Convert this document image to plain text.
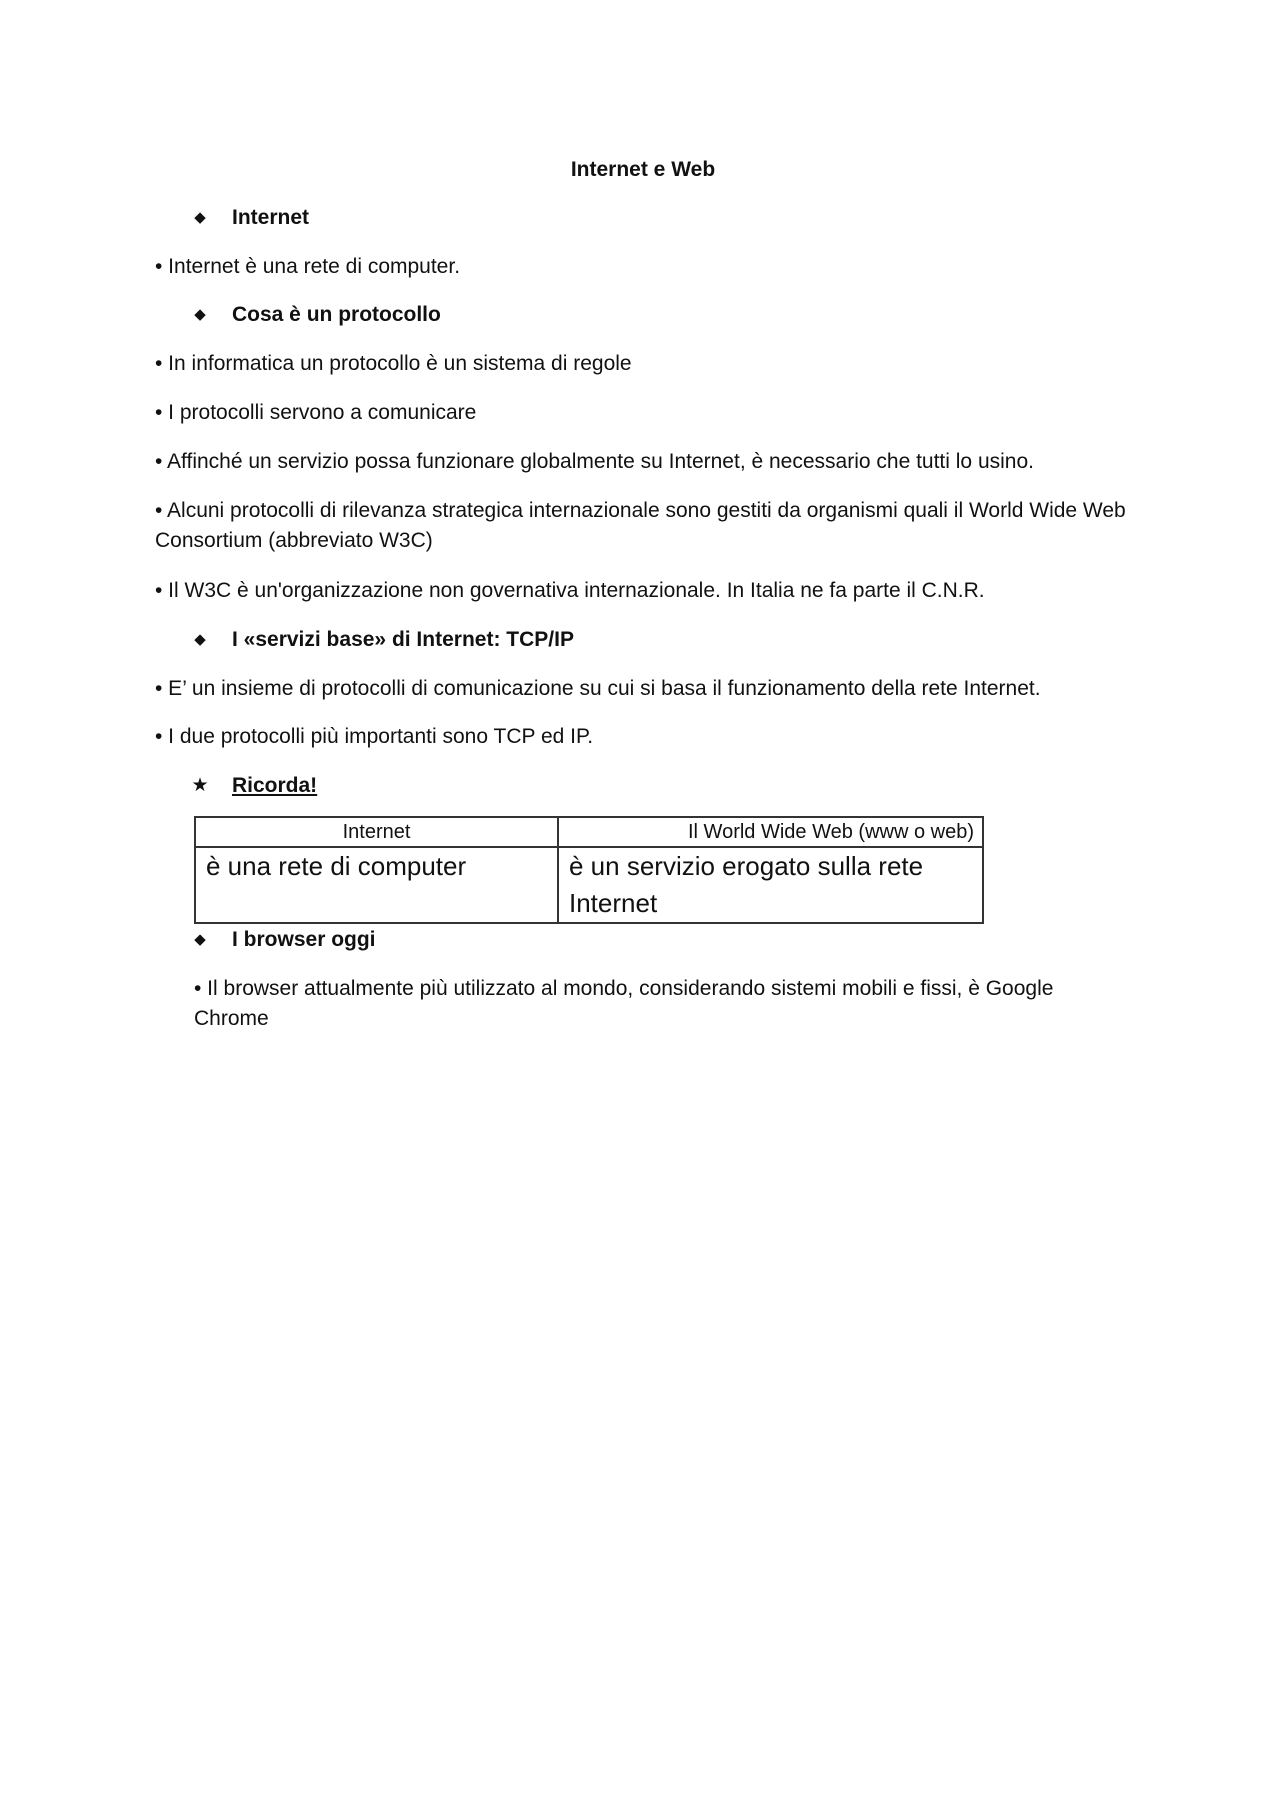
Internet e Web
◆ Internet
• Internet è una rete di computer.
◆ Cosa è un protocollo
• In informatica un protocollo è un sistema di regole
• I protocolli servono a comunicare
• Affinché un servizio possa funzionare globalmente su Internet, è necessario che tutti lo usino.
• Alcuni protocolli di rilevanza strategica internazionale sono gestiti da organismi quali il World Wide Web Consortium (abbreviato W3C)
• Il W3C è un'organizzazione non governativa internazionale. In Italia ne fa parte il C.N.R.
◆ I «servizi base» di Internet: TCP/IP
• E’ un insieme di protocolli di comunicazione su cui si basa il funzionamento della rete Internet.
• I due protocolli più importanti sono TCP ed IP.
★ Ricorda!
Internet	Il World Wide Web (www o web)
è una rete di computer	è un servizio erogato sulla rete Internet
◆ I browser oggi
• Il browser attualmente più utilizzato al mondo, considerando sistemi mobili e fissi, è Google Chrome
